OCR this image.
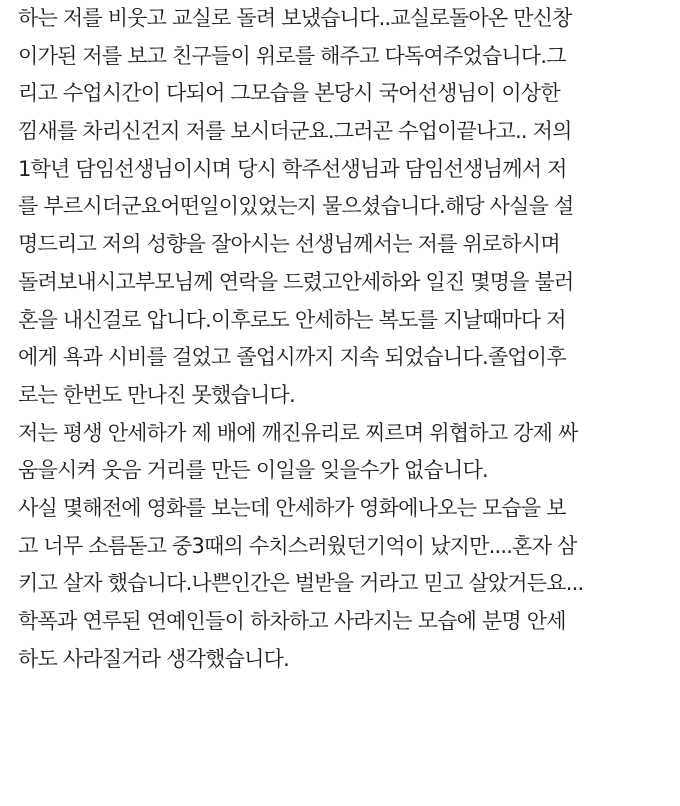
하는 저를 비웃고 교실로 돌려 보냈습니다..교실로돌아온 만신창
이가된 저를 보고 친구들이 위로를 해주고 다독여주었습니다.그
리고 수업시간이 다되어 그모습을 본당시 국어선생님이 이상한
낌새를 차리신건지 저를 보시더군요.그러곤 수업이끝나고.. 저의
1학년 담임선생님이시며 당시 학주선생님과 담임선생님께서 저
를 부르시더군요어떤일이있었는지 물으셨습니다.해당 사실을 설
명드리고 저의 성향을 잘아시는 선생님께서는 저를 위로하시며
돌려보내시고부모님께 연락을 드렸고안세하와 일진 몇명을 불러
혼을 내신걸로 압니다.이후로도 안세하는 복도를 지날때마다 저
에게 욕과 시비를 걸었고 졸업시까지 지속 되었습니다.졸업이후
로는 한번도 만나진 못했습니다.
저는 평생 안세하가 제 배에 깨진유리로 찌르며 위협하고 강제 싸
움을시켜 웃음 거리를 만든 이일을 잊을수가 없습니다.
사실 몇해전에 영화를 보는데 안세하가 영화에나오는 모습을 보
고 너무 소름돋고 중3때의 수치스러웠던기억이 났지만....혼자 삼
키고 살자 했습니다.나쁜인간은 벌받을 거라고 믿고 살았거든요...
학폭과 연루된 연예인들이 하차하고 사라지는 모습에 분명 안세
하도 사라질거라 생각했습니다.
